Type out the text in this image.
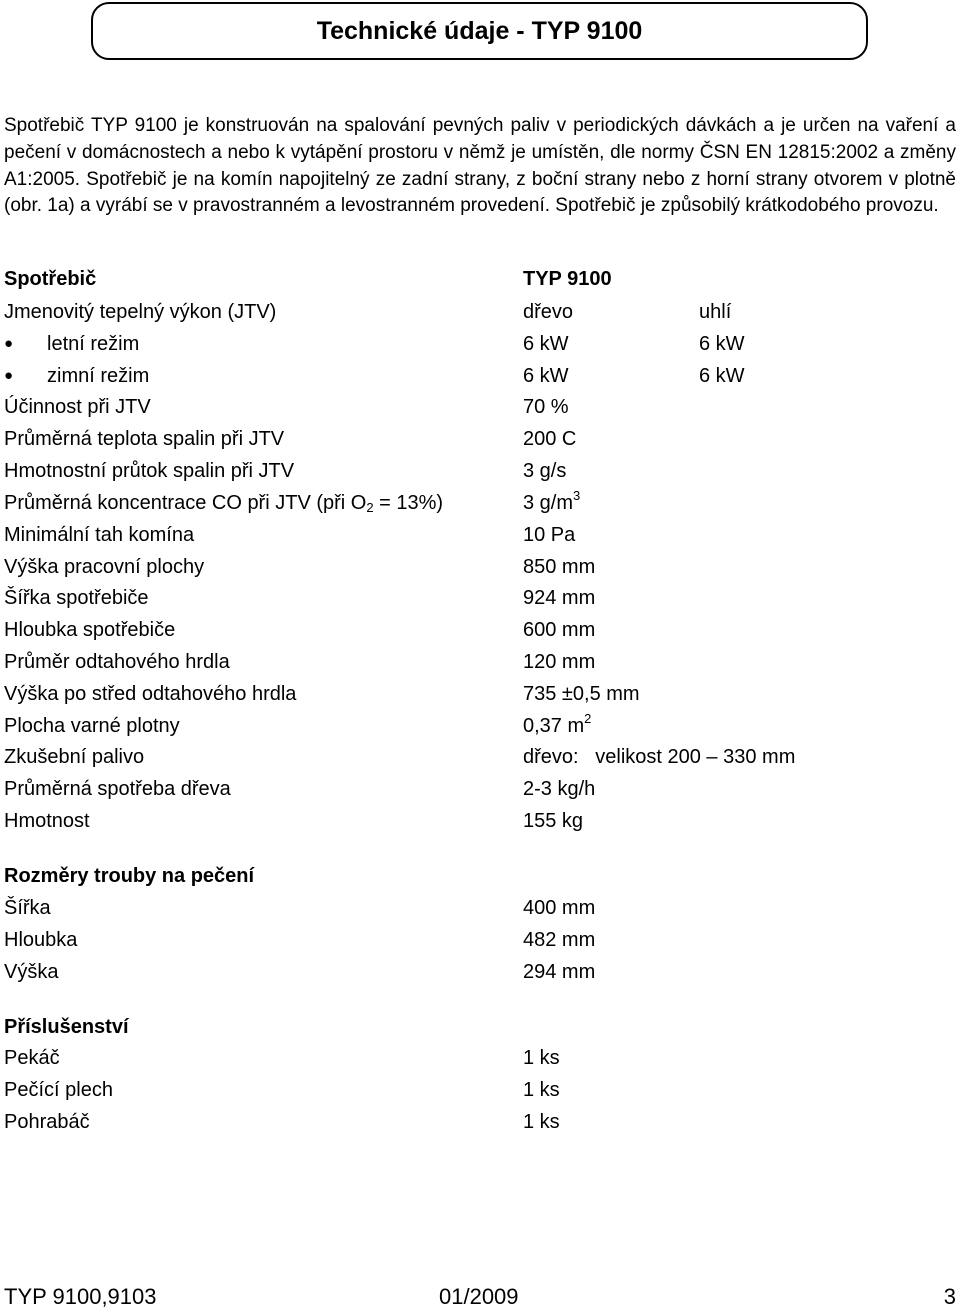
Technické údaje - TYP 9100

Spotřebič TYP 9100 je konstruován na spalování pevných paliv v periodických dávkách a je určen na vaření a pečení v domácnostech a nebo k vytápění prostoru v němž je umístěn, dle normy ČSN EN 12815:2002 a změny A1:2005. Spotřebič je na komín napojitelný ze zadní strany, z boční strany nebo z horní strany otvorem v plotně (obr. 1a) a vyrábí se v pravostranném a levostranném provedení. Spotřebič je způsobilý krátkodobého provozu.

Spotřebič	TYP 9100
Jmenovitý tepelný výkon (JTV)	dřevo	uhlí
● letní režim	6 kW	6 kW
● zimní režim	6 kW	6 kW
Účinnost při JTV	70 %
Průměrná teplota spalin při JTV	200 C
Hmotnostní průtok spalin při JTV	3 g/s
Průměrná koncentrace CO při JTV (při $O_2 = 13\%$)	3 $g/m^3$
Minimální tah komína	10 Pa
Výška pracovní plochy	850 mm
Šířka spotřebiče	924 mm
Hloubka spotřebiče	600 mm
Průměr odtahového hrdla	120 mm
Výška po střed odtahového hrdla	735 ±0,5 mm
Plocha varné plotny	0,37 $m^2$
Zkušební palivo	dřevo:   velikost 200 – 330 mm
Průměrná spotřeba dřeva	2-3 kg/h
Hmotnost	155 kg
Rozměry trouby na pečení
Šířka	400 mm
Hloubka	482 mm
Výška	294 mm
Příslušenství
Pekáč	1 ks
Pečící plech	1 ks
Pohrabáč	1 ks
TYP 9100,9103	01/2009	3
